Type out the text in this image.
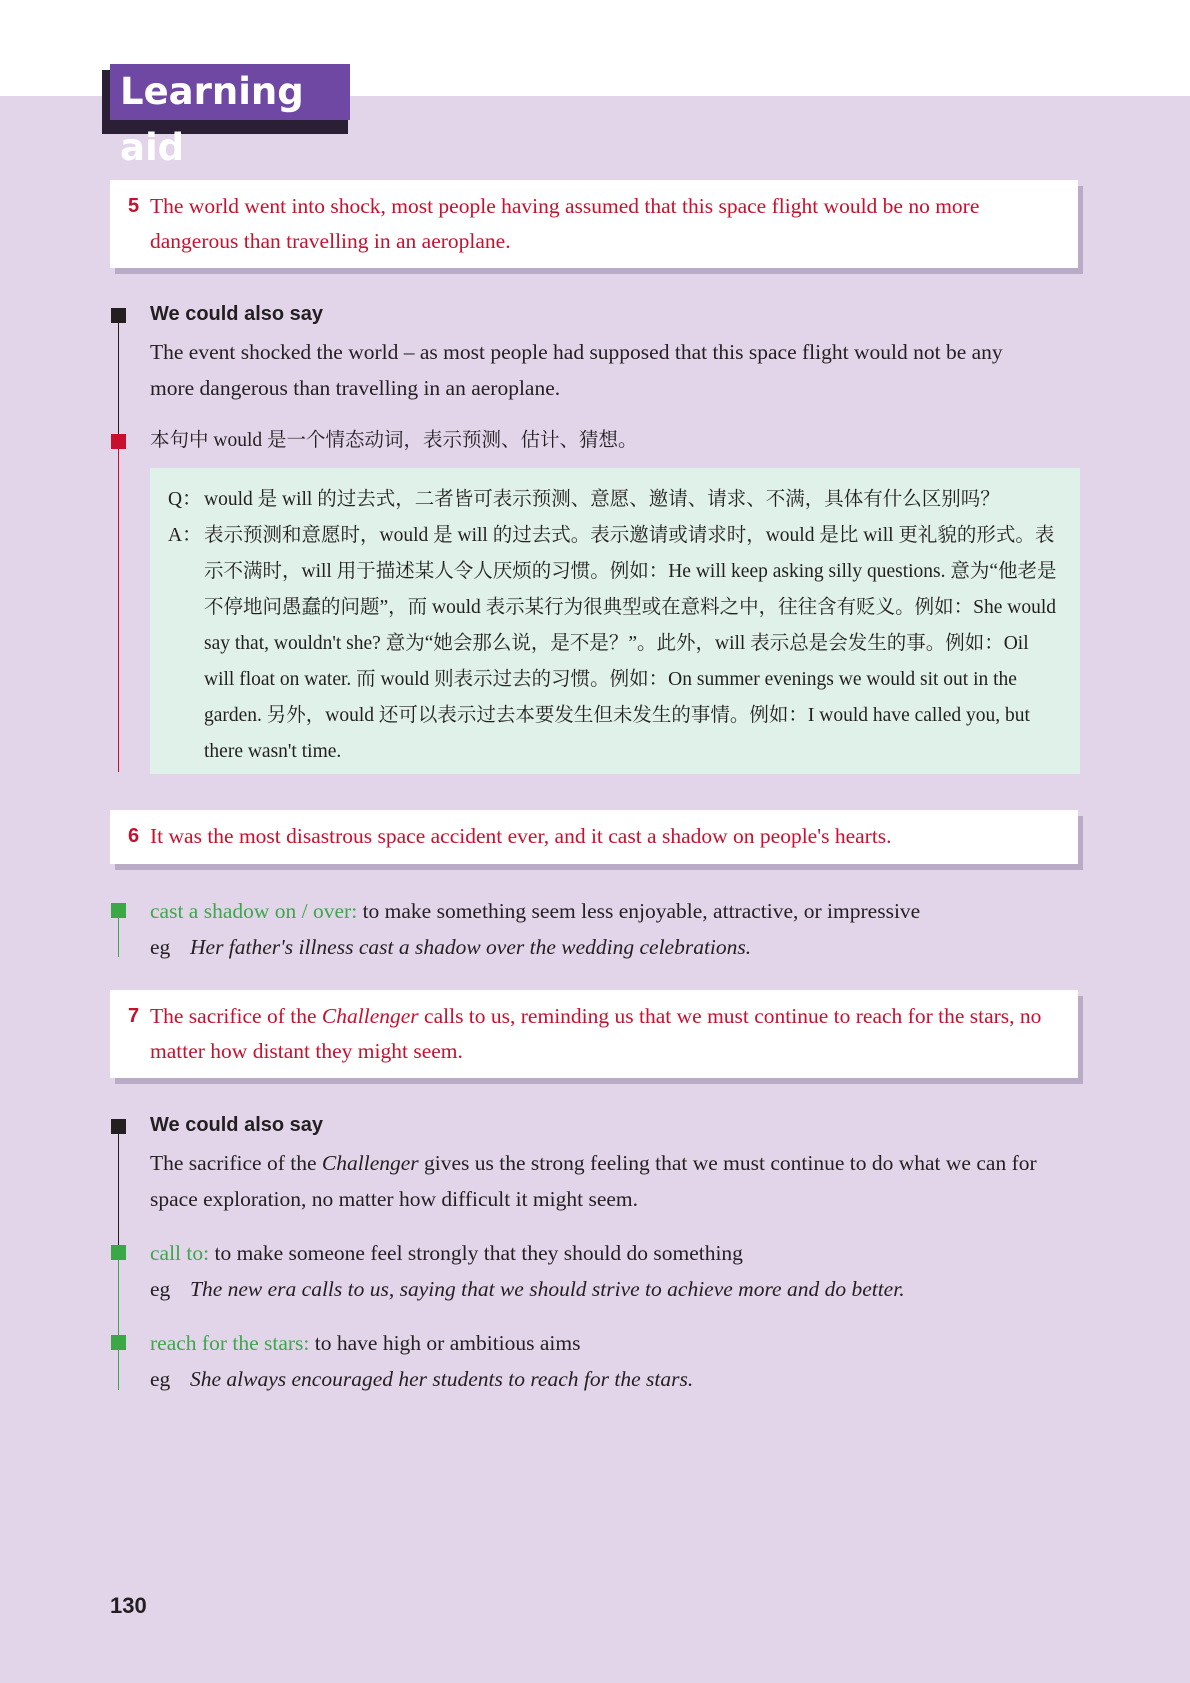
Learning aid
5 The world went into shock, most people having assumed that this space flight would be no more dangerous than travelling in an aeroplane.
We could also say
The event shocked the world – as most people had supposed that this space flight would not be any more dangerous than travelling in an aeroplane.
本句中 would 是一个情态动词，表示预测、估计、猜想。
Q： would 是 will 的过去式，二者皆可表示预测、意愿、邀请、请求、不满，具体有什么区别吗？
A： 表示预测和意愿时，would 是 will 的过去式。表示邀请或请求时，would 是比 will 更礼貌的形式。表示不满时，will 用于描述某人令人厌烦的习惯。例如：He will keep asking silly questions. 意为“他老是不停地问愚蠢的问题”，而 would 表示某行为很典型或在意料之中，往往含有贬义。例如：She would say that, wouldn't she? 意为“她会那么说，是不是？”。此外，will 表示总是会发生的事。例如：Oil will float on water. 而 would 则表示过去的习惯。例如：On summer evenings we would sit out in the garden. 另外，would 还可以表示过去本要发生但未发生的事情。例如：I would have called you, but there wasn't time.
6 It was the most disastrous space accident ever, and it cast a shadow on people's hearts.
cast a shadow on / over: to make something seem less enjoyable, attractive, or impressive
eg Her father's illness cast a shadow over the wedding celebrations.
7 The sacrifice of the Challenger calls to us, reminding us that we must continue to reach for the stars, no matter how distant they might seem.
We could also say
The sacrifice of the Challenger gives us the strong feeling that we must continue to do what we can for space exploration, no matter how difficult it might seem.
call to: to make someone feel strongly that they should do something
eg The new era calls to us, saying that we should strive to achieve more and do better.
reach for the stars: to have high or ambitious aims
eg She always encouraged her students to reach for the stars.
130
